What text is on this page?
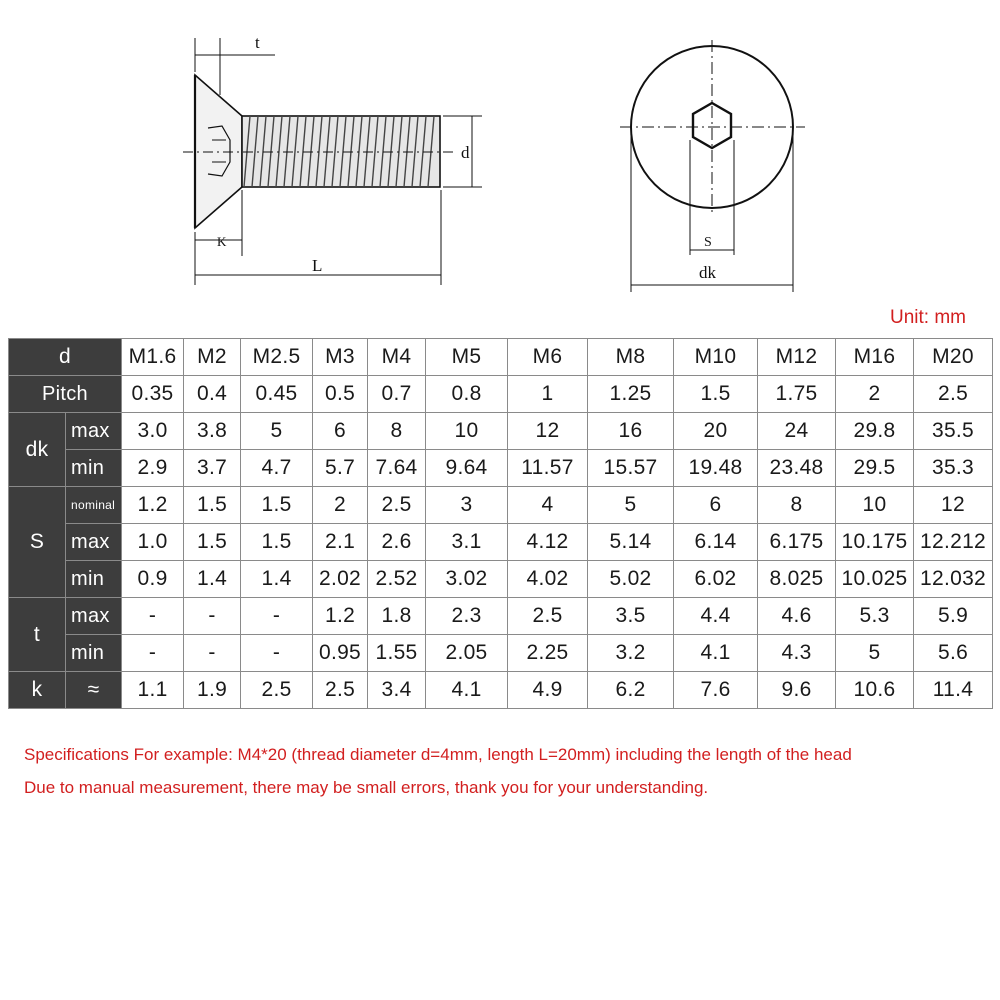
t
d
K
L
S
dk
Unit: mm
d		M1.6	M2	M2.5	M3	M4	M5	M6	M8	M10	M12	M16	M20
Pitch		0.35	0.4	0.45	0.5	0.7	0.8	1	1.25	1.5	1.75	2	2.5
dk	max	3.0	3.8	5	6	8	10	12	16	20	24	29.8	35.5
	min	2.9	3.7	4.7	5.7	7.64	9.64	11.57	15.57	19.48	23.48	29.5	35.3
S	nominal	1.2	1.5	1.5	2	2.5	3	4	5	6	8	10	12
	max	1.0	1.5	1.5	2.1	2.6	3.1	4.12	5.14	6.14	6.175	10.175	12.212
	min	0.9	1.4	1.4	2.02	2.52	3.02	4.02	5.02	6.02	8.025	10.025	12.032
t	max	-	-	-	1.2	1.8	2.3	2.5	3.5	4.4	4.6	5.3	5.9
	min	-	-	-	0.95	1.55	2.05	2.25	3.2	4.1	4.3	5	5.6
k	≈	1.1	1.9	2.5	2.5	3.4	4.1	4.9	6.2	7.6	9.6	10.6	11.4
Specifications For example: M4*20 (thread diameter d=4mm, length L=20mm) including the length of the head
Due to manual measurement, there may be small errors, thank you for your understanding.
